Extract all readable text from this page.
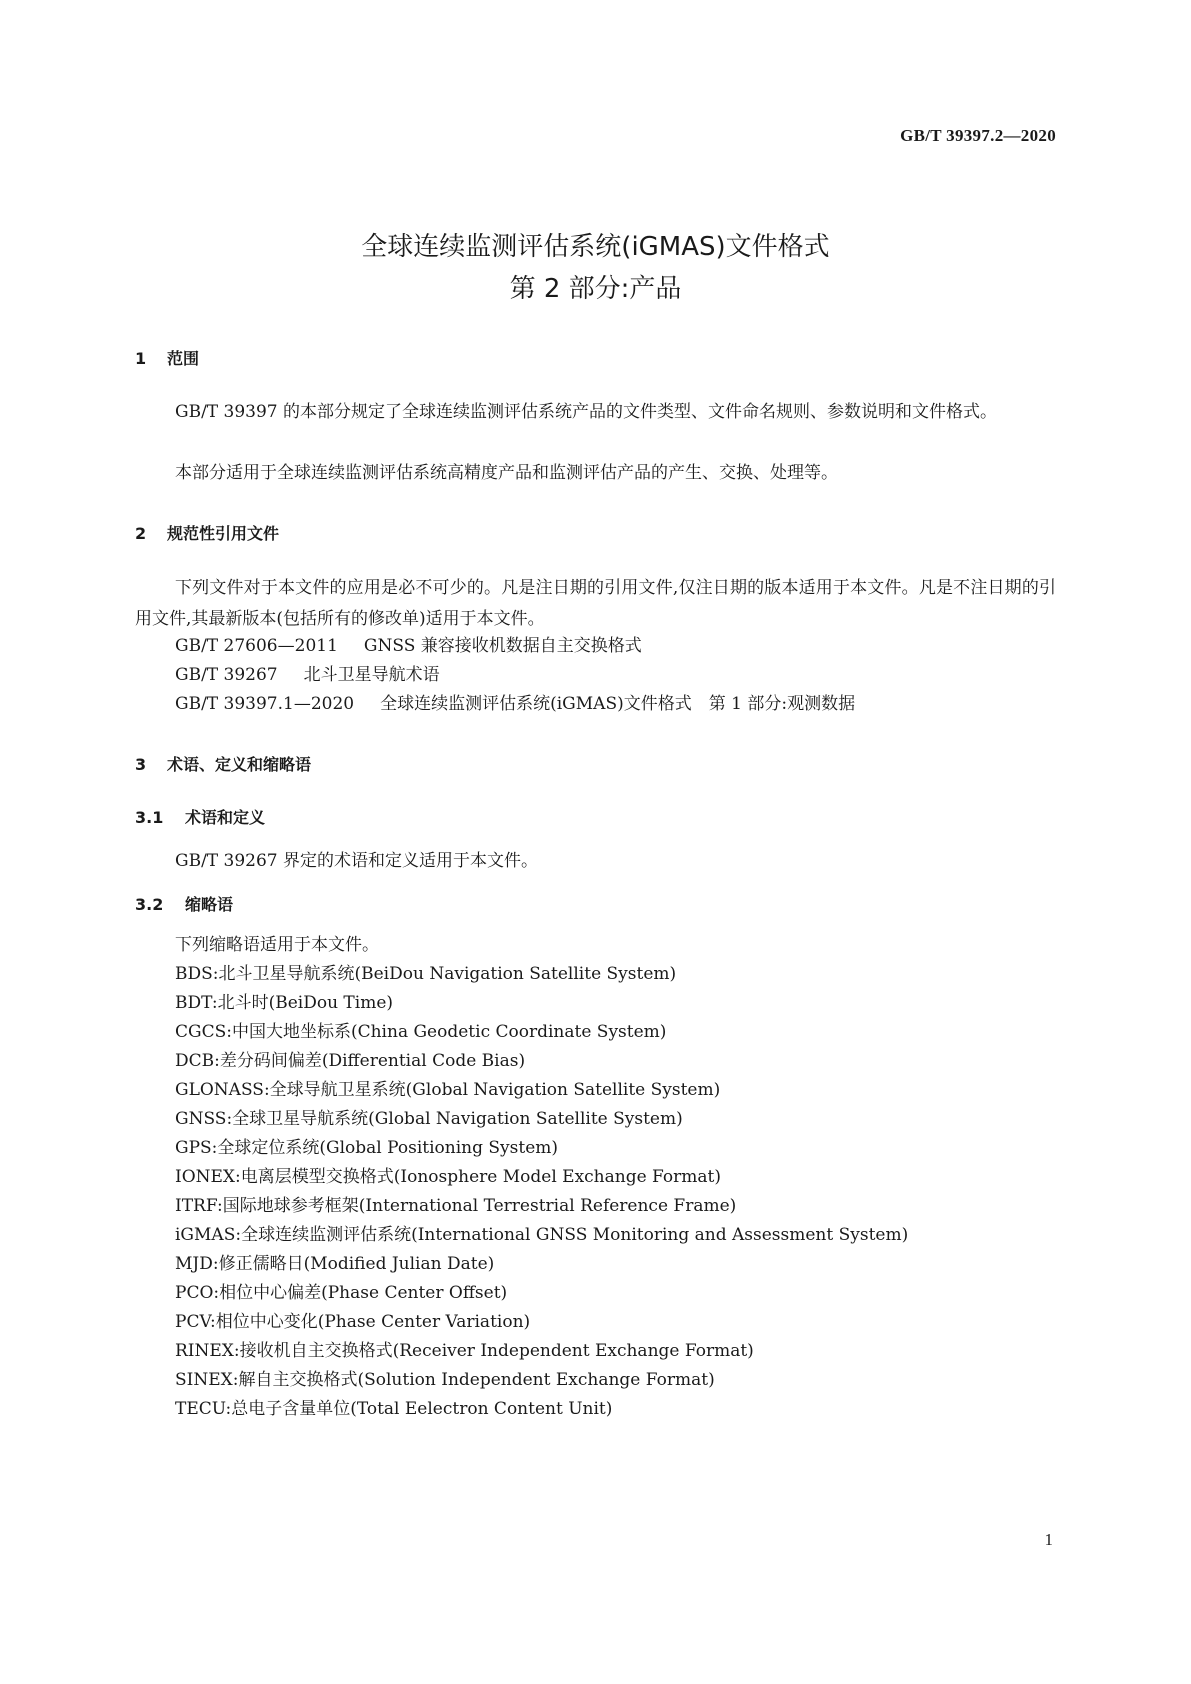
GB/T 39397.2—2020
全球连续监测评估系统(iGMAS)文件格式
第 2 部分:产品
1 范围
GB/T 39397 的本部分规定了全球连续监测评估系统产品的文件类型、文件命名规则、参数说明和文件格式。
本部分适用于全球连续监测评估系统高精度产品和监测评估产品的产生、交换、处理等。
2 规范性引用文件
下列文件对于本文件的应用是必不可少的。凡是注日期的引用文件,仅注日期的版本适用于本文件。凡是不注日期的引用文件,其最新版本(包括所有的修改单)适用于本文件。
GB/T 27606—2011 GNSS 兼容接收机数据自主交换格式
GB/T 39267 北斗卫星导航术语
GB/T 39397.1—2020 全球连续监测评估系统(iGMAS)文件格式　第 1 部分:观测数据
3 术语、定义和缩略语
3.1 术语和定义
GB/T 39267 界定的术语和定义适用于本文件。
3.2 缩略语
下列缩略语适用于本文件。
BDS:北斗卫星导航系统(BeiDou Navigation Satellite System)
BDT:北斗时(BeiDou Time)
CGCS:中国大地坐标系(China Geodetic Coordinate System)
DCB:差分码间偏差(Differential Code Bias)
GLONASS:全球导航卫星系统(Global Navigation Satellite System)
GNSS:全球卫星导航系统(Global Navigation Satellite System)
GPS:全球定位系统(Global Positioning System)
IONEX:电离层模型交换格式(Ionosphere Model Exchange Format)
ITRF:国际地球参考框架(International Terrestrial Reference Frame)
iGMAS:全球连续监测评估系统(International GNSS Monitoring and Assessment System)
MJD:修正儒略日(Modified Julian Date)
PCO:相位中心偏差(Phase Center Offset)
PCV:相位中心变化(Phase Center Variation)
RINEX:接收机自主交换格式(Receiver Independent Exchange Format)
SINEX:解自主交换格式(Solution Independent Exchange Format)
TECU:总电子含量单位(Total Eelectron Content Unit)
1
